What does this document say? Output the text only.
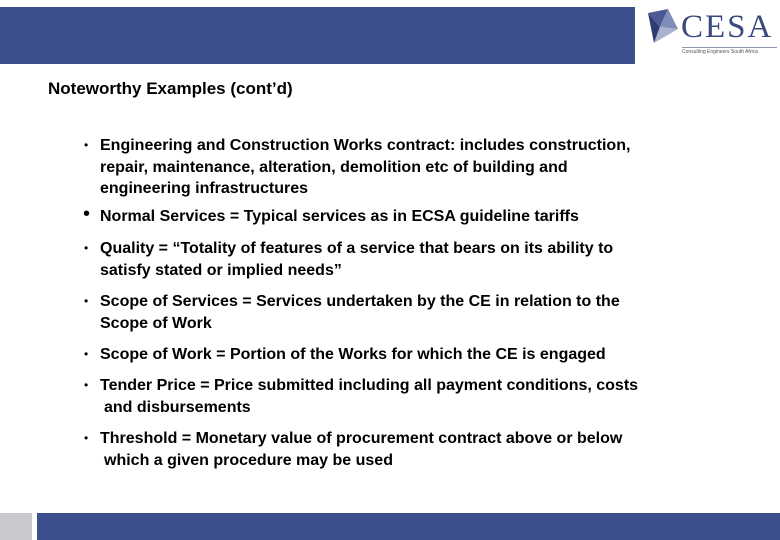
CESA
Consulting Engineers South Africa
Noteworthy Examples (cont’d)
• Engineering and Construction Works contract: includes construction,
repair, maintenance, alteration, demolition etc of building and
engineering infrastructures
• Normal Services = Typical services as in ECSA guideline tariffs
• Quality = “Totality of features of a service that bears on its ability to
satisfy stated or implied needs”
• Scope of Services = Services undertaken by the CE in relation to the
Scope of Work
• Scope of Work = Portion of the Works for which the CE is engaged
• Tender Price = Price submitted including all payment conditions, costs
and disbursements
• Threshold = Monetary value of procurement contract above or below
which a given procedure may be used
